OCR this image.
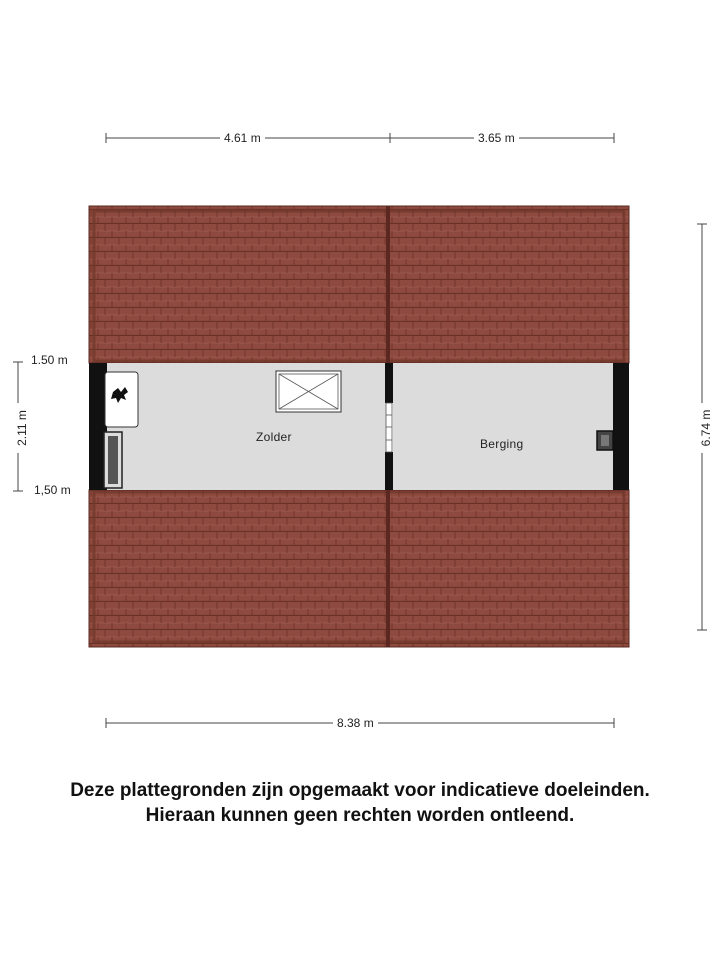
4.61 m	3.65 m
8.38 m
6.74 m
2.11 m
1.50 m
1,50 m
Zolder	Berging
Deze plattegronden zijn opgemaakt voor indicatieve doeleinden.
Hieraan kunnen geen rechten worden ontleend.
